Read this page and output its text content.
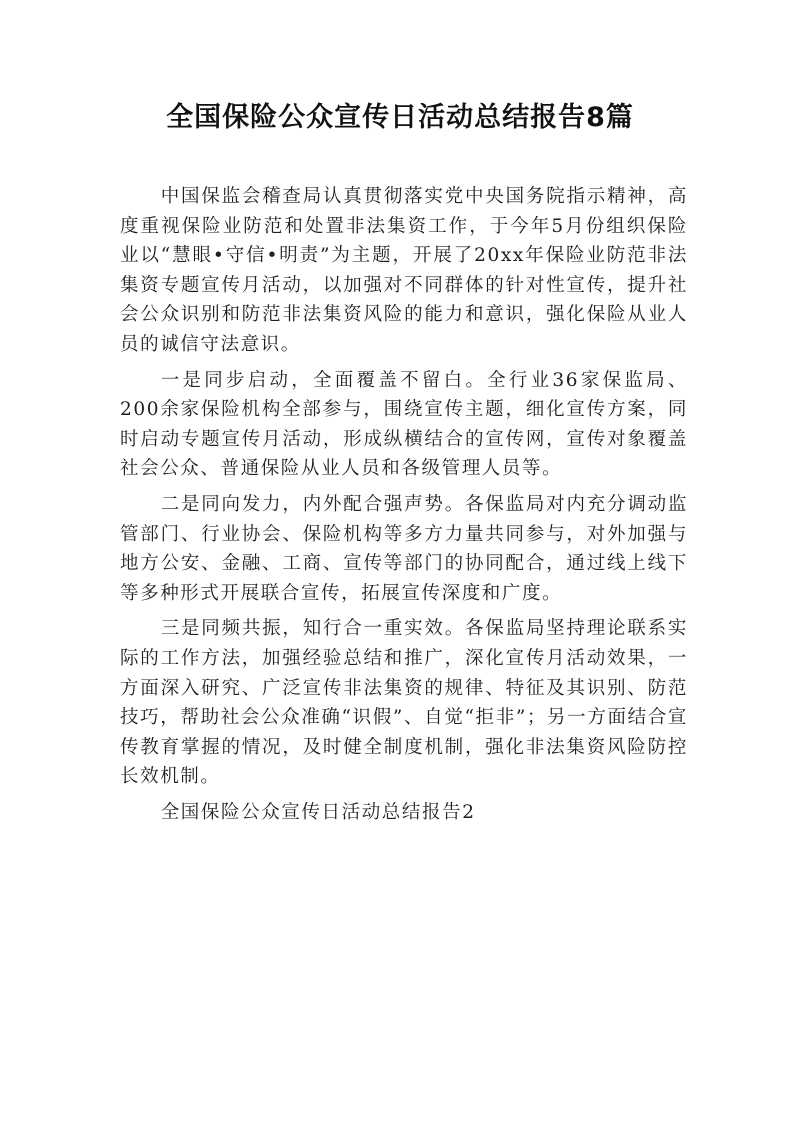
全国保险公众宣传日活动总结报告8篇

中国保监会稽查局认真贯彻落实党中央国务院指示精神，高度重视保险业防范和处置非法集资工作，于今年5月份组织保险业以“慧眼•守信•明责”为主题，开展了20xx年保险业防范非法集资专题宣传月活动，以加强对不同群体的针对性宣传，提升社会公众识别和防范非法集资风险的能力和意识，强化保险从业人员的诚信守法意识。

一是同步启动，全面覆盖不留白。全行业36家保监局、200余家保险机构全部参与，围绕宣传主题，细化宣传方案，同时启动专题宣传月活动，形成纵横结合的宣传网，宣传对象覆盖社会公众、普通保险从业人员和各级管理人员等。

二是同向发力，内外配合强声势。各保监局对内充分调动监管部门、行业协会、保险机构等多方力量共同参与，对外加强与地方公安、金融、工商、宣传等部门的协同配合，通过线上线下等多种形式开展联合宣传，拓展宣传深度和广度。

三是同频共振，知行合一重实效。各保监局坚持理论联系实际的工作方法，加强经验总结和推广，深化宣传月活动效果，一方面深入研究、广泛宣传非法集资的规律、特征及其识别、防范技巧，帮助社会公众准确“识假”、自觉“拒非”；另一方面结合宣传教育掌握的情况，及时健全制度机制，强化非法集资风险防控长效机制。

全国保险公众宣传日活动总结报告2
